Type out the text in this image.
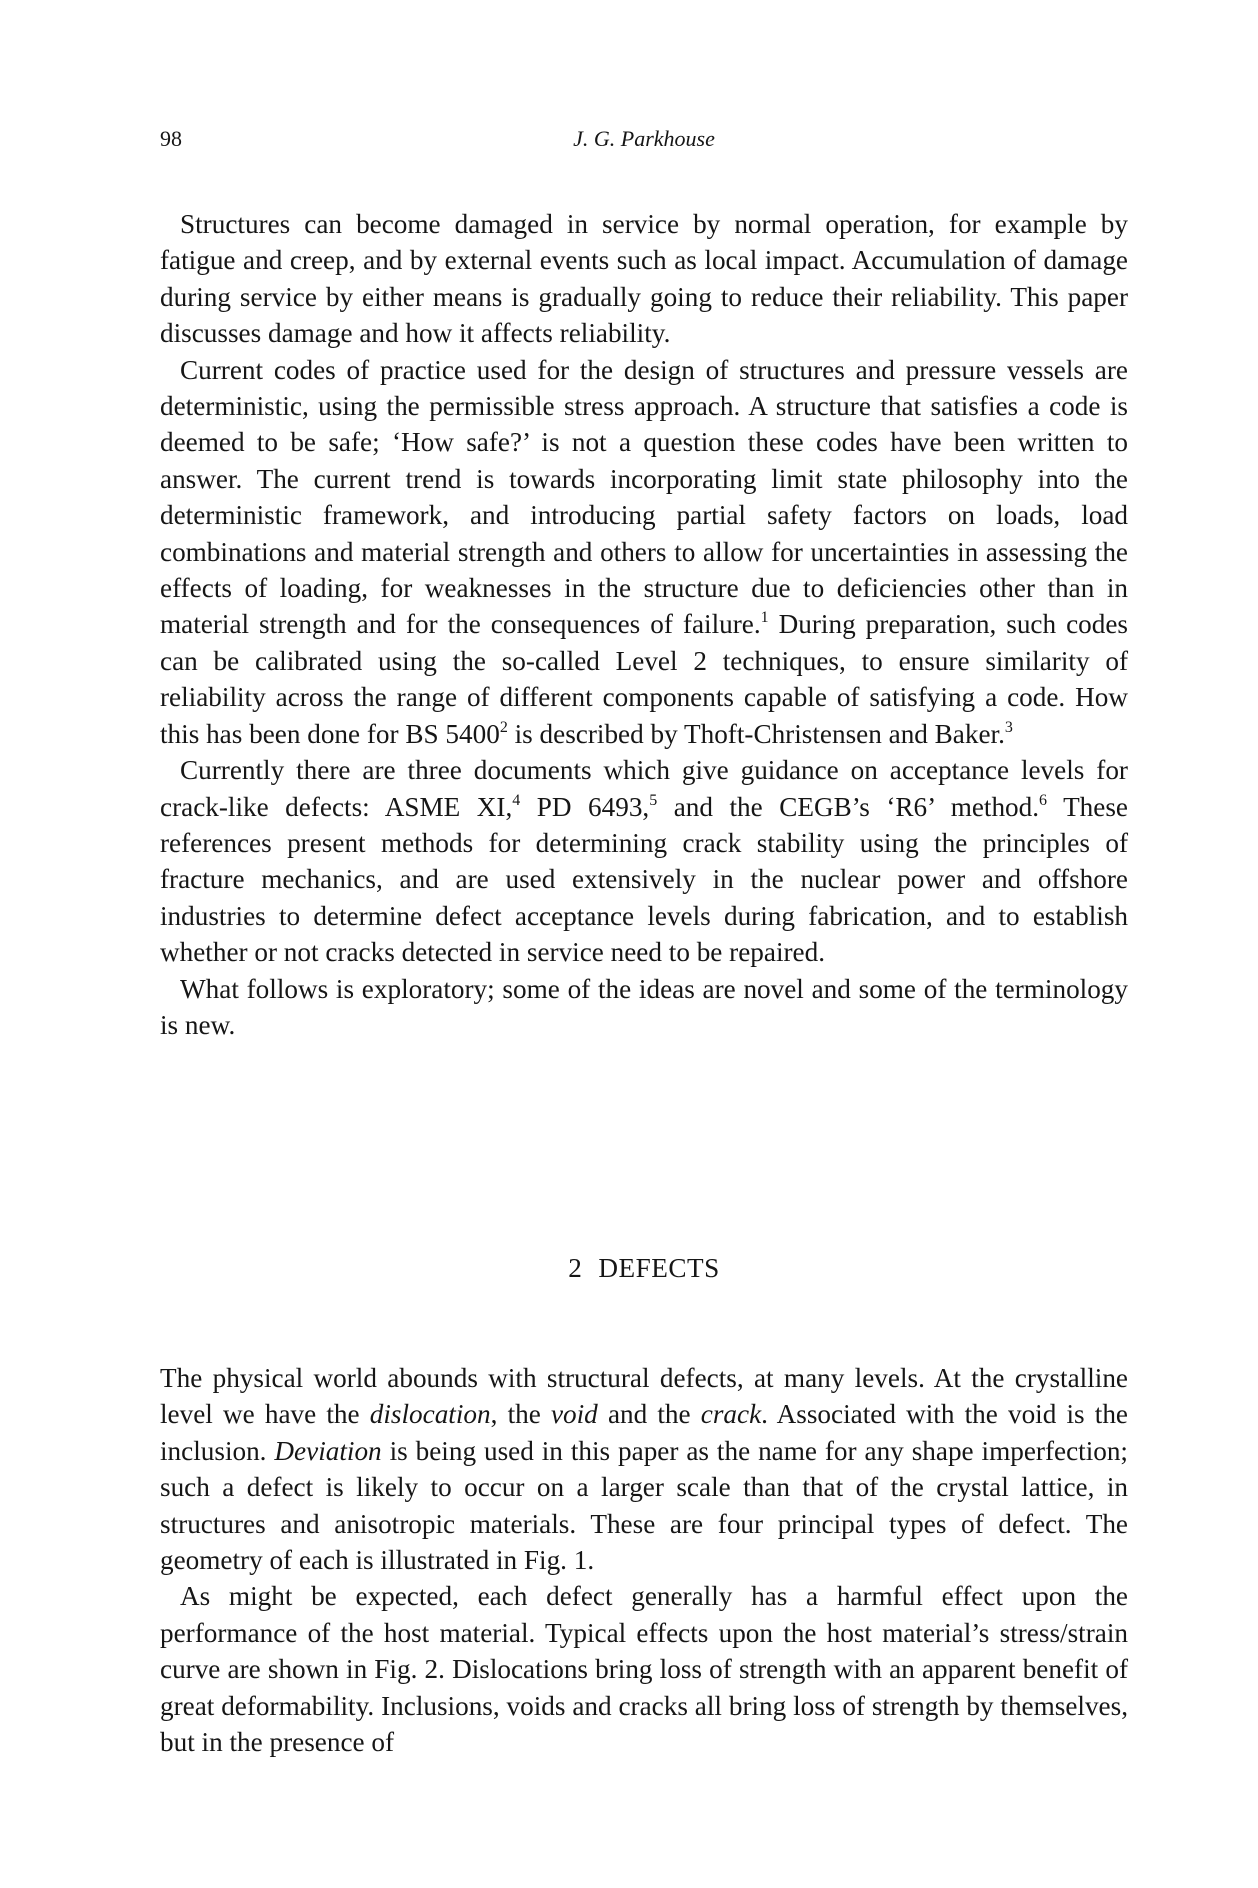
98	J. G. Parkhouse

Structures can become damaged in service by normal operation, for example by fatigue and creep, and by external events such as local impact. Accumulation of damage during service by either means is gradually going to reduce their reliability. This paper discusses damage and how it affects reliability.

Current codes of practice used for the design of structures and pressure vessels are deterministic, using the permissible stress approach. A structure that satisfies a code is deemed to be safe; ‘How safe?’ is not a question these codes have been written to answer. The current trend is towards incorporating limit state philosophy into the deterministic framework, and introducing partial safety factors on loads, load combinations and material strength and others to allow for uncertainties in assessing the effects of loading, for weaknesses in the structure due to deficiencies other than in material strength and for the consequences of failure.$^1$ During preparation, such codes can be calibrated using the so-called Level 2 techniques, to ensure similarity of reliability across the range of different components capable of satisfying a code. How this has been done for BS 5400$^2$ is described by Thoft-Christensen and Baker.$^3$

Currently there are three documents which give guidance on acceptance levels for crack-like defects: ASME XI,$^4$ PD 6493,$^5$ and the CEGB’s ‘R6’ method.$^6$ These references present methods for determining crack stability using the principles of fracture mechanics, and are used extensively in the nuclear power and offshore industries to determine defect acceptance levels during fabrication, and to establish whether or not cracks detected in service need to be repaired.

What follows is exploratory; some of the ideas are novel and some of the terminology is new.

2 DEFECTS

The physical world abounds with structural defects, at many levels. At the crystalline level we have the dislocation, the void and the crack. Associated with the void is the inclusion. Deviation is being used in this paper as the name for any shape imperfection; such a defect is likely to occur on a larger scale than that of the crystal lattice, in structures and anisotropic materials. These are four principal types of defect. The geometry of each is illustrated in Fig. 1.

As might be expected, each defect generally has a harmful effect upon the performance of the host material. Typical effects upon the host material’s stress/strain curve are shown in Fig. 2. Dislocations bring loss of strength with an apparent benefit of great deformability. Inclusions, voids and cracks all bring loss of strength by themselves, but in the presence of
